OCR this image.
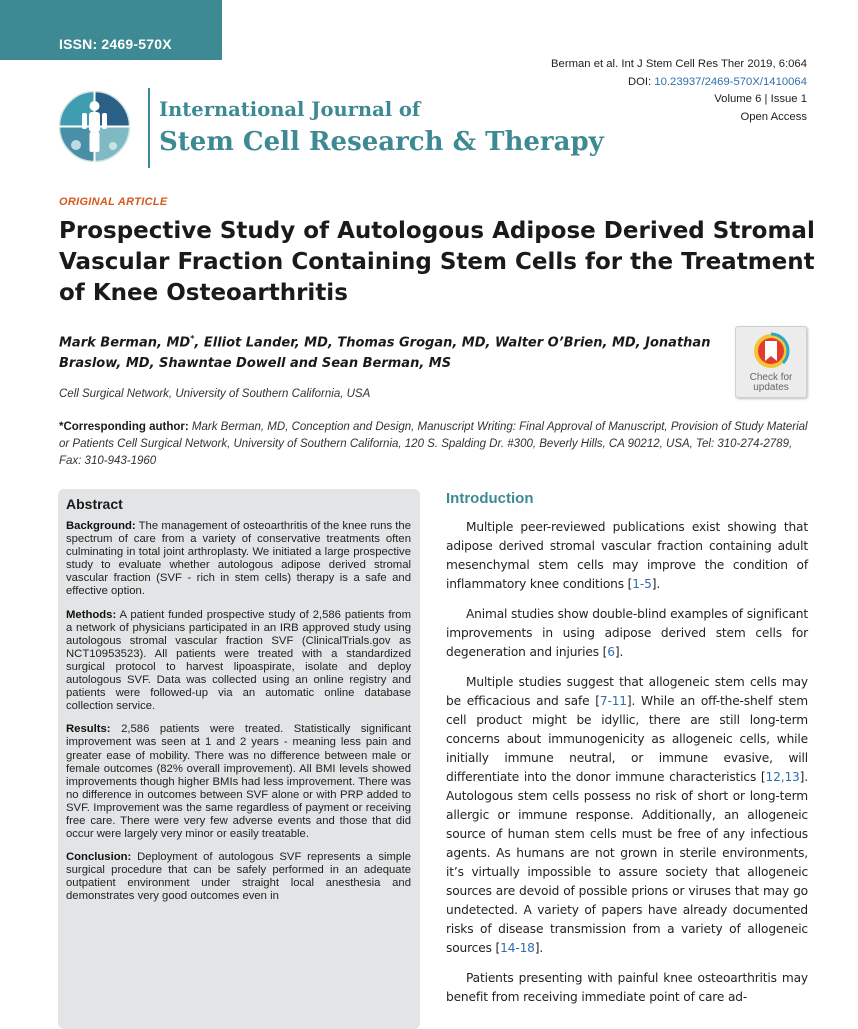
ISSN: 2469-570X
Berman et al. Int J Stem Cell Res Ther 2019, 6:064
DOI: 10.23937/2469-570X/1410064
Volume 6 | Issue 1
Open Access
International Journal of
Stem Cell Research & Therapy
ORIGINAL ARTICLE
Prospective Study of Autologous Adipose Derived Stromal Vascular Fraction Containing Stem Cells for the Treatment of Knee Osteoarthritis
Mark Berman, MD*, Elliot Lander, MD, Thomas Grogan, MD, Walter O’Brien, MD, Jonathan Braslow, MD, Shawntae Dowell and Sean Berman, MS
Check for
updates
Cell Surgical Network, University of Southern California, USA
*Corresponding author: Mark Berman, MD, Conception and Design, Manuscript Writing: Final Approval of Manuscript, Provision of Study Material or Patients Cell Surgical Network, University of Southern California, 120 S. Spalding Dr. #300, Beverly Hills, CA 90212, USA, Tel: 310-274-2789, Fax: 310-943-1960
Abstract

Background: The management of osteoarthritis of the knee runs the spectrum of care from a variety of conservative treatments often culminating in total joint arthroplasty. We initiated a large prospective study to evaluate whether autologous adipose derived stromal vascular fraction (SVF - rich in stem cells) therapy is a safe and effective option.

Methods: A patient funded prospective study of 2,586 patients from a network of physicians participated in an IRB approved study using autologous stromal vascular fraction SVF (ClinicalTrials.gov as NCT10953523). All patients were treated with a standardized surgical protocol to harvest lipoaspirate, isolate and deploy autologous SVF. Data was collected using an online registry and patients were followed-up via an automatic online database collection service.

Results: 2,586 patients were treated. Statistically significant improvement was seen at 1 and 2 years - meaning less pain and greater ease of mobility. There was no difference between male or female outcomes (82% overall improvement). All BMI levels showed improvements though higher BMIs had less improvement. There was no difference in outcomes between SVF alone or with PRP added to SVF. Improvement was the same regardless of payment or receiving free care. There were very few adverse events and those that did occur were largely very minor or easily treatable.

Conclusion: Deployment of autologous SVF represents a simple surgical procedure that can be safely performed in an adequate outpatient environment under straight local anesthesia and demonstrates very good outcomes even in

Introduction

Multiple peer-reviewed publications exist showing that adipose derived stromal vascular fraction containing adult mesenchymal stem cells may improve the condition of inflammatory knee conditions [1-5].

Animal studies show double-blind examples of significant improvements in using adipose derived stem cells for degeneration and injuries [6].

Multiple studies suggest that allogeneic stem cells may be efficacious and safe [7-11]. While an off-the-shelf stem cell product might be idyllic, there are still long-term concerns about immunogenicity as allogeneic cells, while initially immune neutral, or immune evasive, will differentiate into the donor immune characteristics [12,13]. Autologous stem cells possess no risk of short or long-term allergic or immune response. Additionally, an allogeneic source of human stem cells must be free of any infectious agents. As humans are not grown in sterile environments, it’s virtually impossible to assure society that allogeneic sources are devoid of possible prions or viruses that may go undetected. A variety of papers have already documented risks of disease transmission from a variety of allogeneic sources [14-18].

Patients presenting with painful knee osteoarthritis may benefit from receiving immediate point of care ad-
